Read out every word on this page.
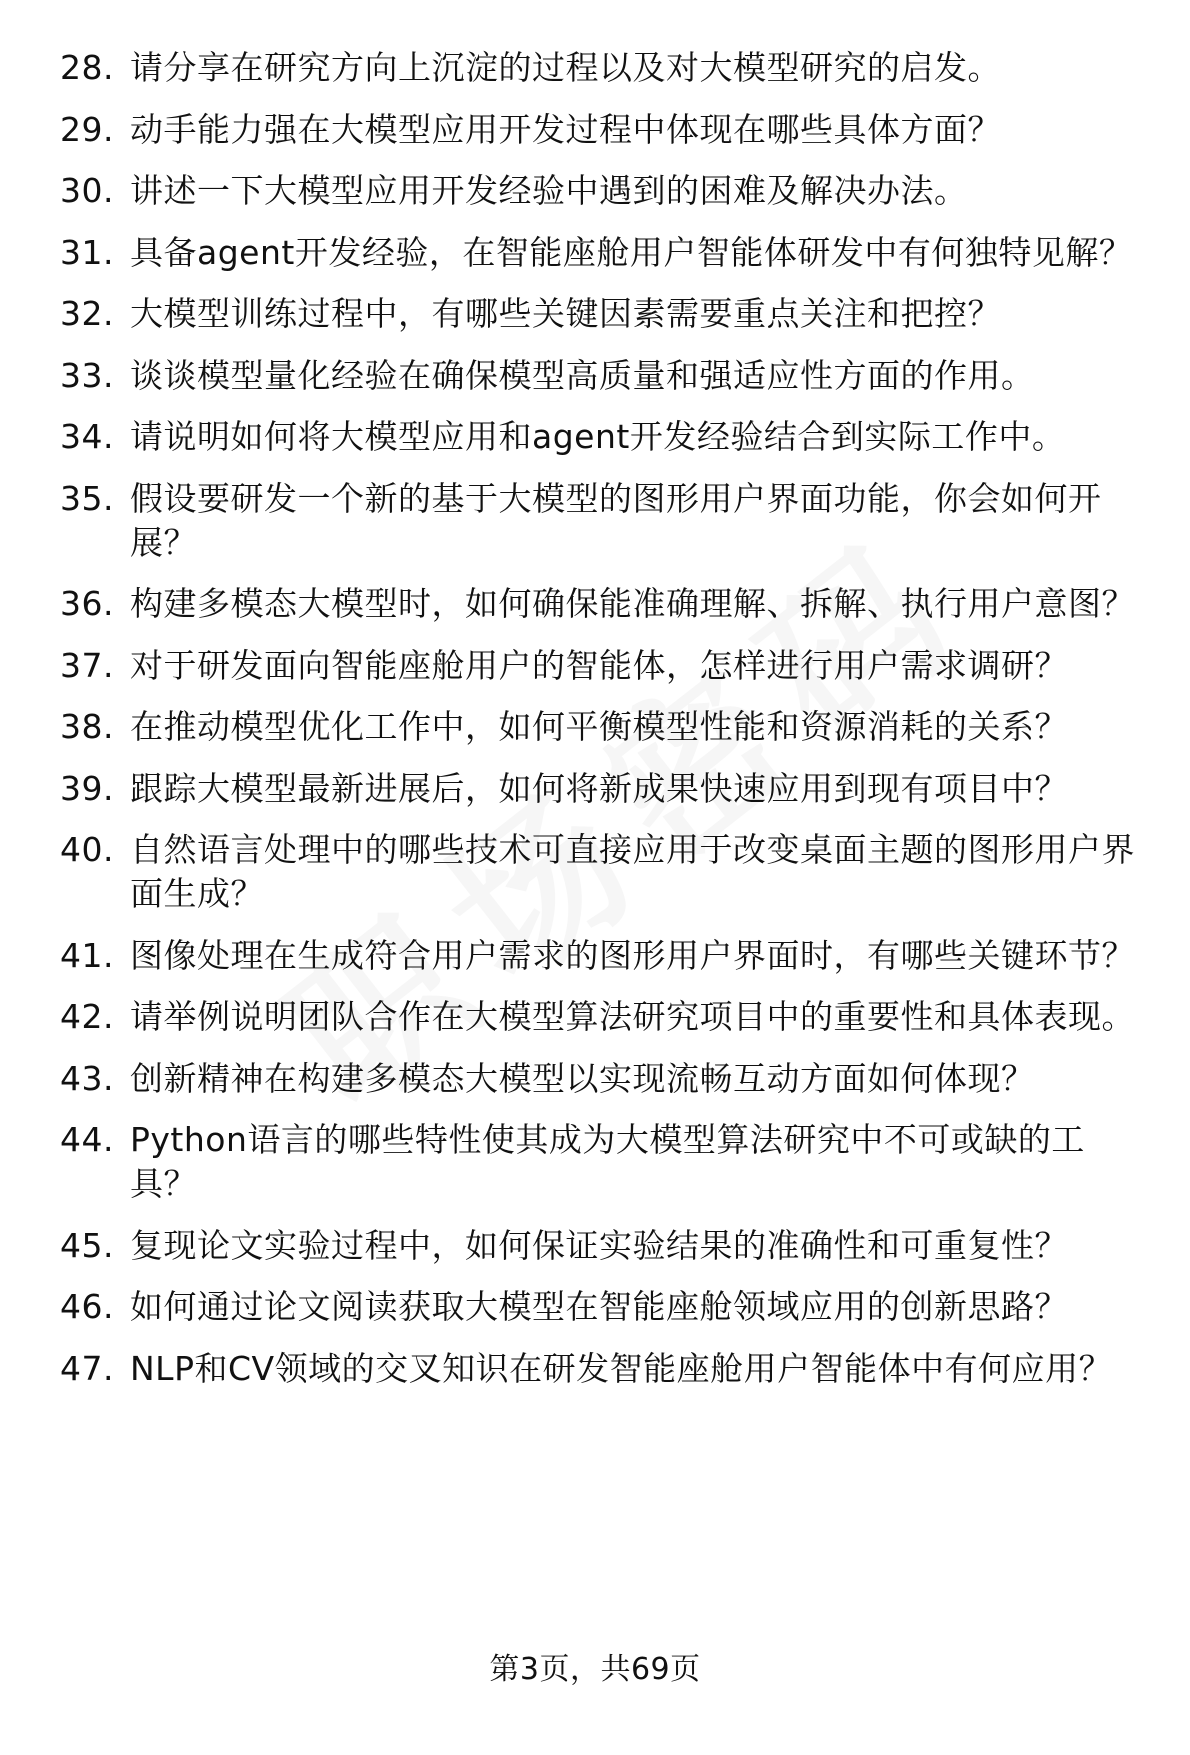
28. 请分享在研究方向上沉淀的过程以及对大模型研究的启发。
29. 动手能力强在大模型应用开发过程中体现在哪些具体方面？
30. 讲述一下大模型应用开发经验中遇到的困难及解决办法。
31. 具备agent开发经验，在智能座舱用户智能体研发中有何独特见解？
32. 大模型训练过程中，有哪些关键因素需要重点关注和把控？
33. 谈谈模型量化经验在确保模型高质量和强适应性方面的作用。
34. 请说明如何将大模型应用和agent开发经验结合到实际工作中。
35. 假设要研发一个新的基于大模型的图形用户界面功能，你会如何开展？
36. 构建多模态大模型时，如何确保能准确理解、拆解、执行用户意图？
37. 对于研发面向智能座舱用户的智能体，怎样进行用户需求调研？
38. 在推动模型优化工作中，如何平衡模型性能和资源消耗的关系？
39. 跟踪大模型最新进展后，如何将新成果快速应用到现有项目中？
40. 自然语言处理中的哪些技术可直接应用于改变桌面主题的图形用户界面生成？
41. 图像处理在生成符合用户需求的图形用户界面时，有哪些关键环节？
42. 请举例说明团队合作在大模型算法研究项目中的重要性和具体表现。
43. 创新精神在构建多模态大模型以实现流畅互动方面如何体现？
44. Python语言的哪些特性使其成为大模型算法研究中不可或缺的工具？
45. 复现论文实验过程中，如何保证实验结果的准确性和可重复性？
46. 如何通过论文阅读获取大模型在智能座舱领域应用的创新思路？
47. NLP和CV领域的交叉知识在研发智能座舱用户智能体中有何应用？
第3页，共69页
